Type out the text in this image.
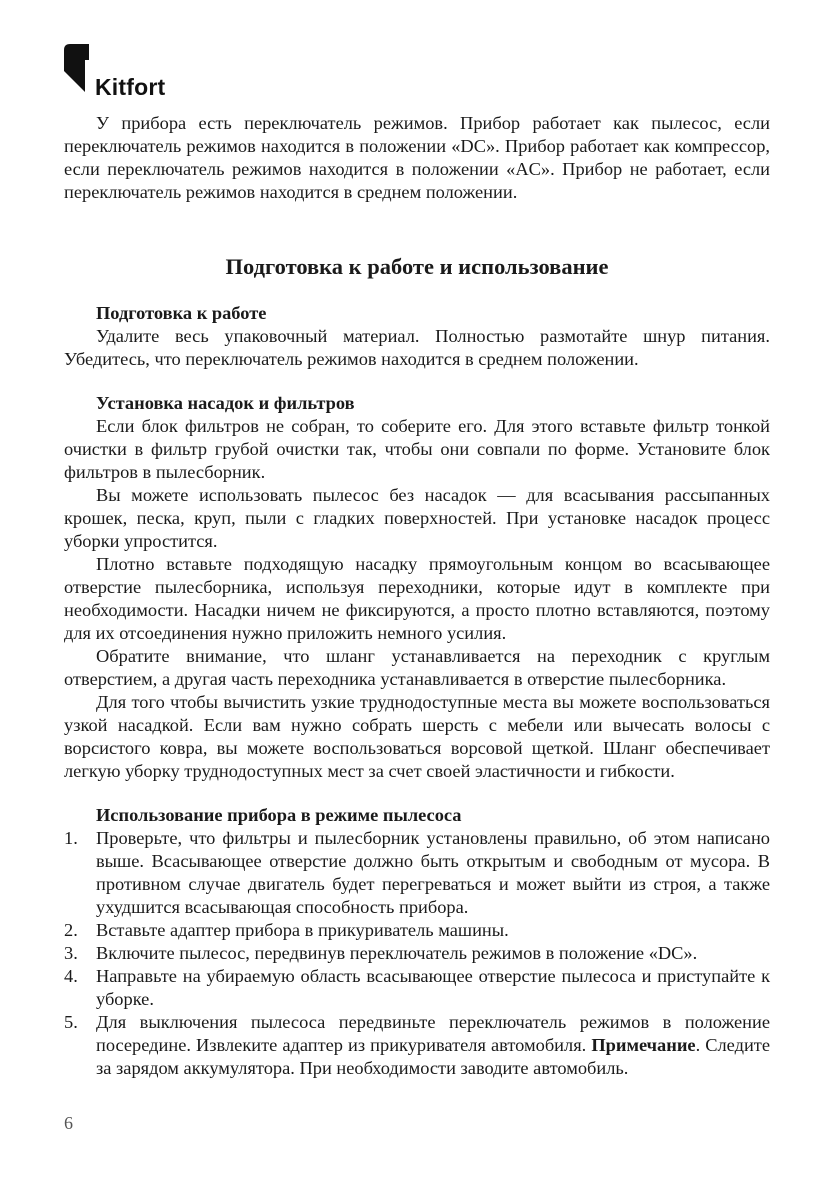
Kitfort

У прибора есть переключатель режимов. Прибор работает как пылесос, если переключатель режимов находится в положении «DC». Прибор работает как компрессор, если переключатель режимов находится в положении «AC». Прибор не работает, если переключатель режимов находится в среднем положении.

Подготовка к работе и использование
Подготовка к работе

Удалите весь упаковочный материал. Полностью размотайте шнур питания. Убедитесь, что переключатель режимов находится в среднем положении.

Установка насадок и фильтров

Если блок фильтров не собран, то соберите его. Для этого вставьте фильтр тонкой очистки в фильтр грубой очистки так, чтобы они совпали по форме. Установите блок фильтров в пылесборник.

Вы можете использовать пылесос без насадок — для всасывания рассыпанных крошек, песка, круп, пыли с гладких поверхностей. При установке насадок процесс уборки упростится.

Плотно вставьте подходящую насадку прямоугольным концом во всасывающее отверстие пылесборника, используя переходники, которые идут в комплекте при необходимости. Насадки ничем не фиксируются, а просто плотно вставляются, поэтому для их отсоединения нужно приложить немного усилия.

Обратите внимание, что шланг устанавливается на переходник с круглым отверстием, а другая часть переходника устанавливается в отверстие пылесборника.

Для того чтобы вычистить узкие труднодоступные места вы можете воспользоваться узкой насадкой. Если вам нужно собрать шерсть с мебели или вычесать волосы с ворсистого ковра, вы можете воспользоваться ворсовой щеткой. Шланг обеспечивает легкую уборку труднодоступных мест за счет своей эластичности и гибкости.

Использование прибора в режиме пылесоса
1. Проверьте, что фильтры и пылесборник установлены правильно, об этом написано выше. Всасывающее отверстие должно быть открытым и свободным от мусора. В противном случае двигатель будет перегреваться и может выйти из строя, а также ухудшится всасывающая способность прибора.
2. Вставьте адаптер прибора в прикуриватель машины.
3. Включите пылесос, передвинув переключатель режимов в положение «DC».
4. Направьте на убираемую область всасывающее отверстие пылесоса и приступайте к уборке.
5. Для выключения пылесоса передвиньте переключатель режимов в положение посередине. Извлеките адаптер из прикуривателя автомобиля. Примечание. Следите за зарядом аккумулятора. При необходимости заводите автомобиль.
6
